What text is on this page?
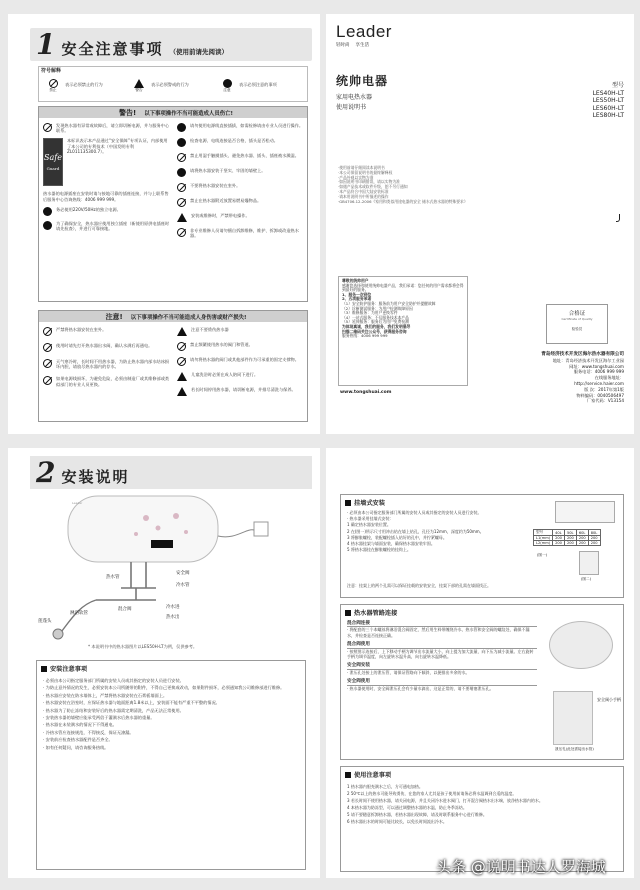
1 安全注意事项 （使用前请先阅读）
符号解释
禁止
表示必须禁止的行为
警告
表示必须警戒的行为
注意
表示必须注意的事项
警告! 以下事项操作不当可能造成人员伤亡!
发现热水器有异常或故障后，请立即切断电源，并与服务中心联系。
Safe
Guard
本标识表示本产品通过“安全保障”专项认证，内部使用了本公司的专利技术（中国发明专利ZL011135300.7）。
热水器的电源插座在安装时请与接地可靠的插座连接，并与上联系售后服务中心咨询热线：4006 999 999。
务必使用220V/50Hz的独立电源。
为了确保安全，热水器应使用独立插座（新使用原供电插座时请先检查），并进行可靠接地。
请勿使用电源线直接插拔，如需检修请由专业人员进行操作。
检查电源、电线连接是否合格，插头是否松动。
禁止用湿手触摸插头、避免热水器、插头、插座被水溅湿。
请将热水器安装于坚实、牢固的墙壁上。
不要将热水器安装在室外。
禁止在热水器附近放置易燃易爆物品。
安装或维修时，严禁带电操作。
非专业维修人员请勿擅自拆卸维修，维护、拆卸或改造热水器。
注意! 以下事项操作不当可能造成人身伤害或财产损失!
严禁将热水器安装在室外。
使用时请先打开热水器出水阀，确认水满后再通电。
天气寒冷时，长时间不用热水器，为防止热水器内部水结冰损坏内胆，请放尽热水器内的存水。
如果电源线损坏，为避免危险，必须由制造厂或其维修部或类似部门的专业人员更换。
注意不要烫伤热水器
禁止频繁使用热水的阀门和管道。
请勿将热水器的阀门或其他部件作为可承重的固定支撑物。
儿童洗浴时必须在成人陪同下进行。
若长时间停用热水器，请切断电源，并排尽清洗与保养。
Leader
轻时尚 享生活
统帅电器
家用电热水器
使用说明书
型号
LES40H-LT
LES50H-LT
LES60H-LT
LES80H-LT
·使用前请仔细阅读本说明书
·本公司保留说明书的最终解释权
·产品外观以实物为准
·如因说明书印刷错误，请以实物为准
·如遇产品技术或软件升级，恕不另行通知
·本产品符合中国大陆安装标准
·请本用说明书中所描述的操作
·GB4706.12-2006《家用和类似用途电器的安全 储水式热水器的特殊要求》
尊敬的统帅用户
感谢您选择和使用统帅电器产品，我们承诺：您任何的用户需求都将会得到最好的服务。
1、服务一次到位
2、五项服务承诺
（1）安全防护服务：服务前为用户安全防护并提醒故障
（2）诊断测试服务：为用户检测故障原因
（3）维修服务：为用户更换零件
（4）一站式服务：不仅服务技术本产品
（5）延伸服务：服务后为用户免费检测
为体现真诚，我们的服务，我们发明倡导
扫描二维码关注公众号，获得服务咨询
服务热线：4006 999 999
www.tongshuai.com
合格证
Certificate of Quality
检验员
青岛经济技术开发区海尔热水器有限公司
地址：青岛经济技术开发区海尔工业园
网址：www.tongshuai.com
服务电话：4006 999 999
在线服务地址：
http://service.haier.com
版 次：2017年第1版
物料编码：0040506497
厂家代码：V13154
2 安装说明
Leader
安全阀
冷水管
热水管
混合阀	冷水进
热水出
莲蓬头
淋浴软管
* 本说明书中的热水器图片以LES50H-LT为例，仅供参考。
安装注意事项
· 必须由本公司指定服务部门所属的安装人员或其指定的安装人员进行安装。
· 为防止意外情况的发生，必须安装本公司所随带的附件，不得自己更换或改动，如果附件损坏，必须通知我公司维修部进行维修。
· 热水器应安装在防水墙体上，严禁将热水器安装在石膏板墙面上。
· 热水器安装在浴室时，应保证热水器与地面距离1.8米以上，安装面不能有严重不平整的情况。
· 热水器为了防止冻结和安装好后的热水器需定期清洗，产品无法正常使用。
· 安装热水器的墙壁应能承受两倍于灌满水后热水器的重量。
· 热水器在未装满水的情况下不得通电。
· 冷热水管应连接规范，不得接反，保证无渗漏。
· 安装前应检查热水器配件是否齐全。
· 如有任何疑问，请咨询服务热线。
挂墙式安装
· 必须由本公司指定服务部门所属的安装人员或其指定的安装人员进行安装。
· 热水器采用挂墙式安装：
1 确定热水器安装位置。
2 在(图一)所示尺寸用冲击钻在墙上钻孔，孔径为12mm，深度约为50mm。
3 将膨胀螺栓，装配螺栓插入钻好的孔中，并拧紧螺母。
4 热水器挂架与墙面安装，确保热水器安装牢固。
5 将热水器挂在膨胀螺栓的挂钩上。
注意：挂架上的两个孔需可以保证挂载的安装安全，挂架下部的孔需在墙面找正。
型号	40L	50L	60L	80L
L1(mm)	200	200	200	200
L2(mm)	200	200	200	200
(图一)
(图二)
热水器管路连接
混合阀连接
· 将配套的三个本螺丝将淋浴混合阀固定，然后用生料带缠绕冷水、热水管和安全阀的螺纹处，确保不漏水，并检查是否连接正确。
混合阀使用
· 按照图示连接后，上下移动手柄为调节出水流量大小，向上提为加大流量，向下压为减小流量。左右旋转手柄为调节温度，向左旋转水温升高，向右旋转水温降低。
安全阀安装
· 泄压孔处接上的泄压管，请保证管路向下倾斜，以便排出多余的水。
安全阀使用
· 热水器使用时，安全阀泄压孔会有少量水滴出，这是正常的，请不要堵塞泄压孔。
安全阀小手柄
泄压孔(此处需接出水管)
使用注意事项
1 热水器内胆充满水之后，方可通电加热。
2 50℃以上的热水可能导致烫伤，在您的家人尤其是孩子使用前请务必将水温调到合适的温度。
3 若长时间不使用热水器，请关闭电源，并且关闭冷水进水阀门，打开混合阀热水出水端，放净热水器内的水。
4 本热水器为防冻型，可以通过调整热水器的水温，防止冬季冻结。
5 请不要随意拆卸热水器，若热水器出现故障，请及时联系服务中心进行维修。
6 热水器出水的时间可能比较长，以免长时间流出冷水。
头条 @说明书达人罗海城
